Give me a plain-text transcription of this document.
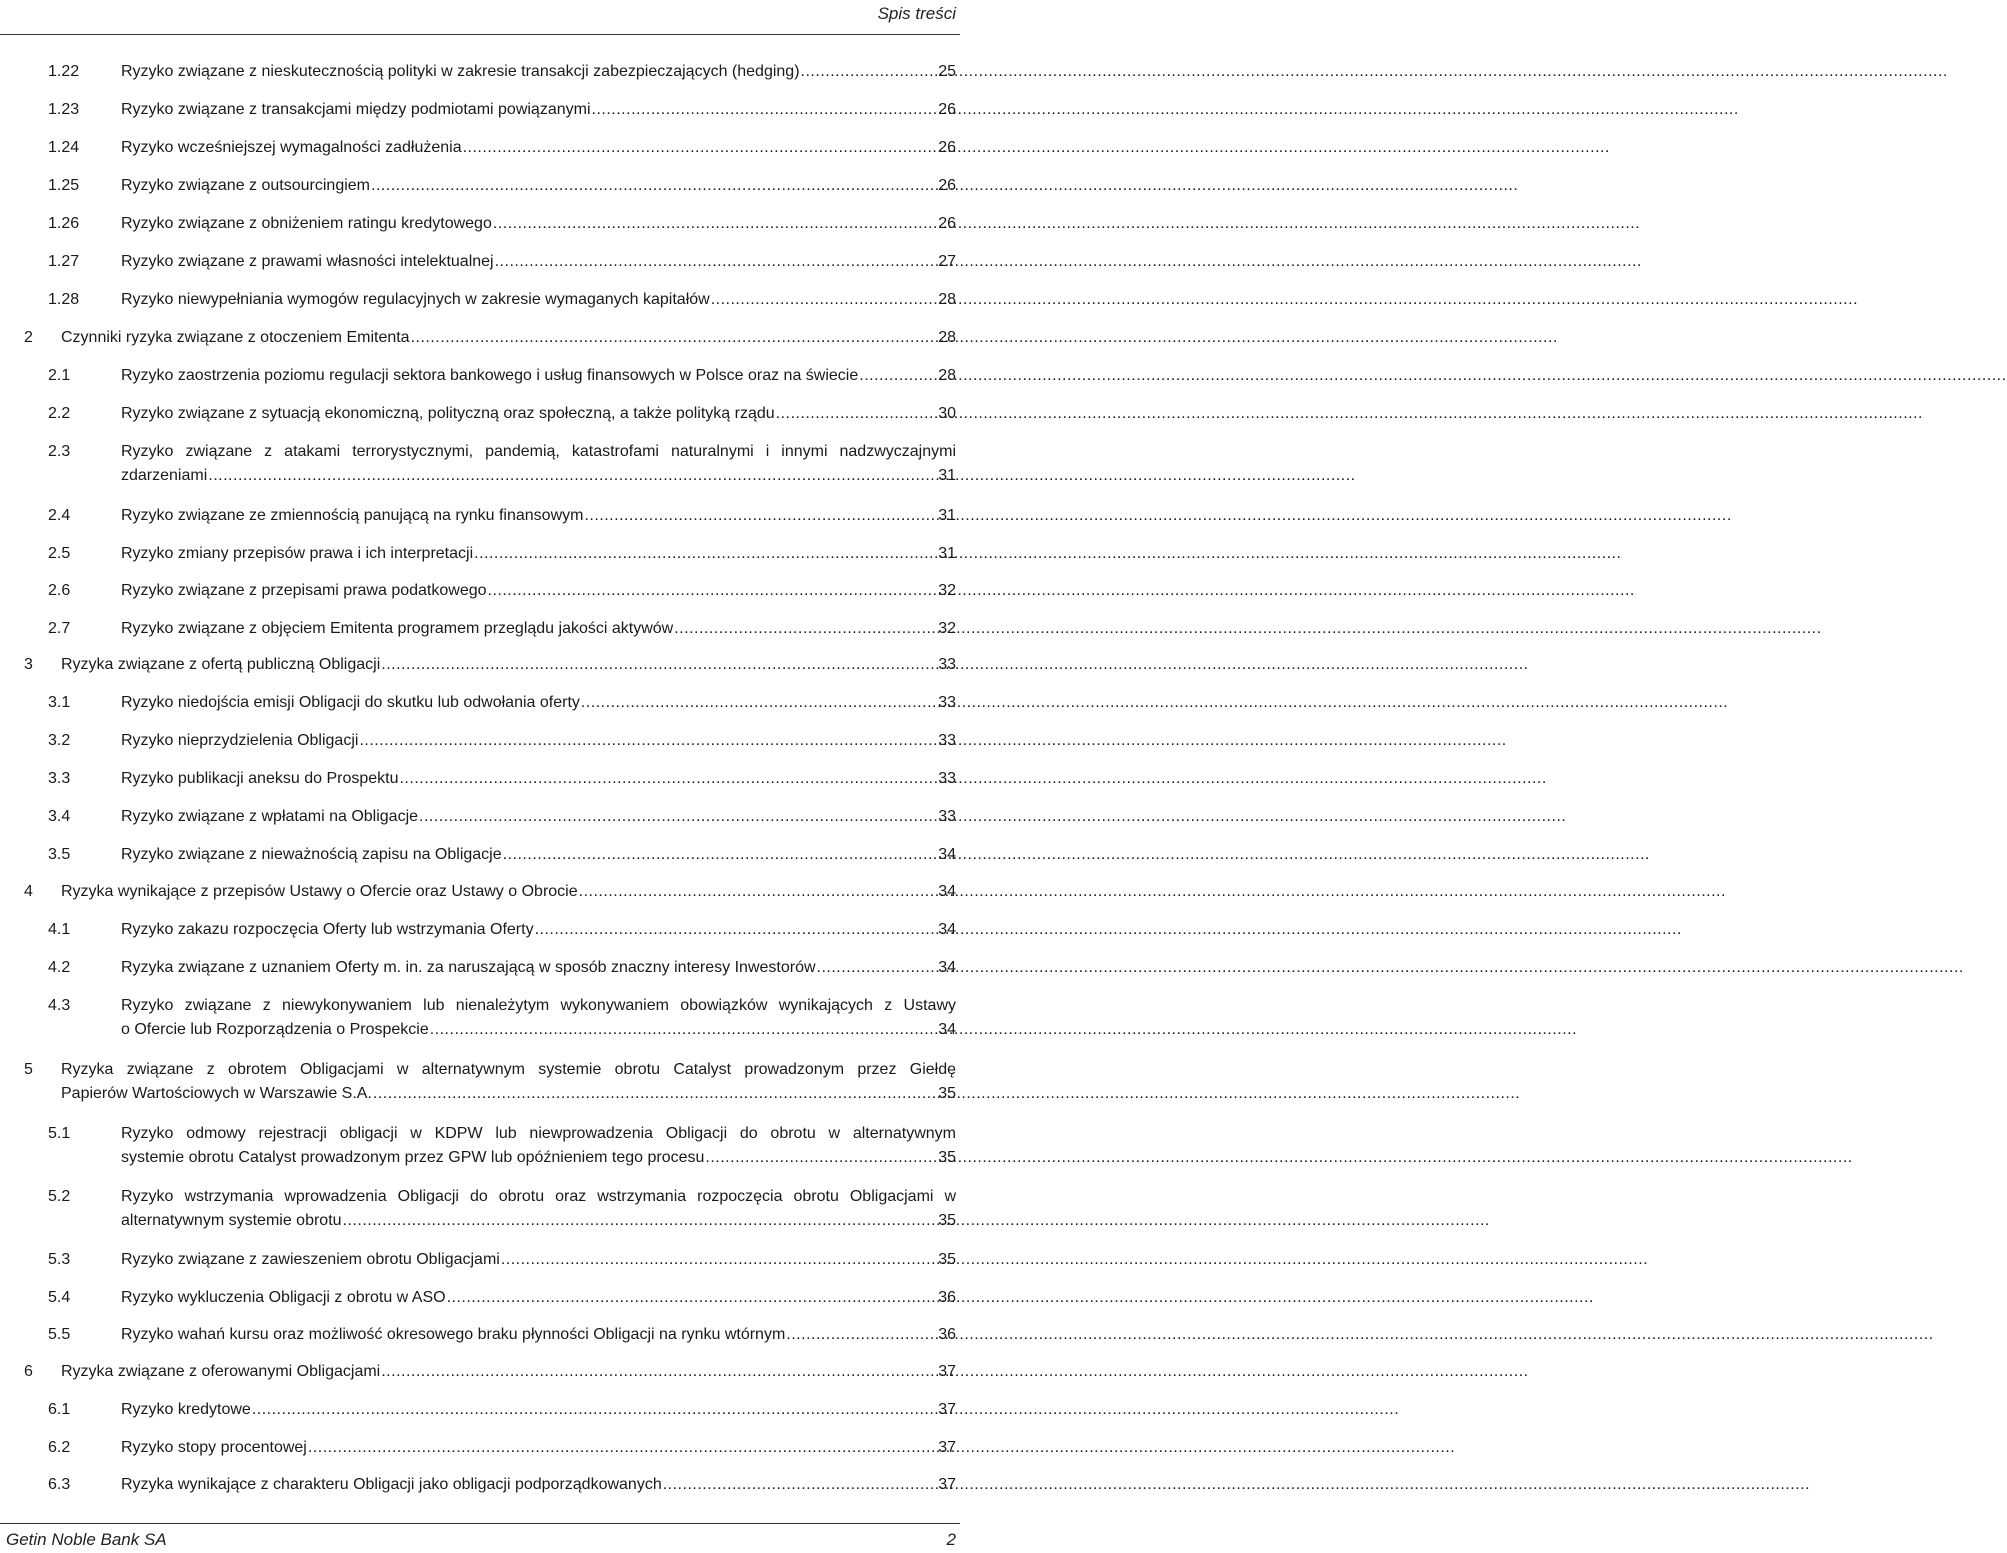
Spis treści
1.22	Ryzyko związane z nieskutecznością polityki w zakresie transakcji zabezpieczających (hedging) .....	25
1.23	Ryzyko związane z transakcjami między podmiotami powiązanymi .....	26
1.24	Ryzyko wcześniejszej wymagalności zadłużenia .....	26
1.25	Ryzyko związane z outsourcingiem .....	26
1.26	Ryzyko związane z obniżeniem ratingu kredytowego .....	26
1.27	Ryzyko związane z prawami własności intelektualnej .....	27
1.28	Ryzyko niewypełniania wymogów regulacyjnych w zakresie wymaganych kapitałów .....	28
2 Czynniki ryzyka związane z otoczeniem Emitenta .....	28
2.1	Ryzyko zaostrzenia poziomu regulacji sektora bankowego i usług finansowych w Polsce oraz na świecie .....	28
2.2	Ryzyko związane z sytuacją ekonomiczną, polityczną oraz społeczną, a także polityką rządu .....	30
2.3	Ryzyko związane z atakami terrorystycznymi, pandemią, katastrofami naturalnymi i innymi nadzwyczajnymi
zdarzeniami .....	31
2.4	Ryzyko związane ze zmiennością panującą na rynku finansowym .....	31
2.5	Ryzyko zmiany przepisów prawa i ich interpretacji .....	31
2.6	Ryzyko związane z przepisami prawa podatkowego .....	32
2.7	Ryzyko związane z objęciem Emitenta programem przeglądu jakości aktywów .....	32
3 Ryzyka związane z ofertą publiczną Obligacji .....	33
3.1	Ryzyko niedojścia emisji Obligacji do skutku lub odwołania oferty .....	33
3.2	Ryzyko nieprzydzielenia Obligacji .....	33
3.3	Ryzyko publikacji aneksu do Prospektu .....	33
3.4	Ryzyko związane z wpłatami na Obligacje .....	33
3.5	Ryzyko związane z nieważnością zapisu na Obligacje .....	34
4 Ryzyka wynikające z przepisów Ustawy o Ofercie oraz Ustawy o Obrocie .....	34
4.1	Ryzyko zakazu rozpoczęcia Oferty lub wstrzymania Oferty .....	34
4.2	Ryzyka związane z uznaniem Oferty m. in. za naruszającą w sposób znaczny interesy Inwestorów .....	34
4.3	Ryzyko związane z niewykonywaniem lub nienależytym wykonywaniem obowiązków wynikających z Ustawy
o Ofercie lub Rozporządzenia o Prospekcie .....	34
5 Ryzyka związane z obrotem Obligacjami w alternatywnym systemie obrotu Catalyst prowadzonym przez Giełdę
Papierów Wartościowych w Warszawie S.A. .....	35
5.1	Ryzyko odmowy rejestracji obligacji w KDPW lub niewprowadzenia Obligacji do obrotu w alternatywnym
systemie obrotu Catalyst prowadzonym przez GPW lub opóźnieniem tego procesu .....	35
5.2	Ryzyko wstrzymania wprowadzenia Obligacji do obrotu oraz wstrzymania rozpoczęcia obrotu Obligacjami w
alternatywnym systemie obrotu .....	35
5.3	Ryzyko związane z zawieszeniem obrotu Obligacjami .....	35
5.4	Ryzyko wykluczenia Obligacji z obrotu w ASO .....	36
5.5	Ryzyko wahań kursu oraz możliwość okresowego braku płynności Obligacji na rynku wtórnym .....	36
6 Ryzyka związane z oferowanymi Obligacjami .....	37
6.1	Ryzyko kredytowe .....	37
6.2	Ryzyko stopy procentowej .....	37
6.3	Ryzyka wynikające z charakteru Obligacji jako obligacji podporządkowanych .....	37
Getin Noble Bank SA	2
